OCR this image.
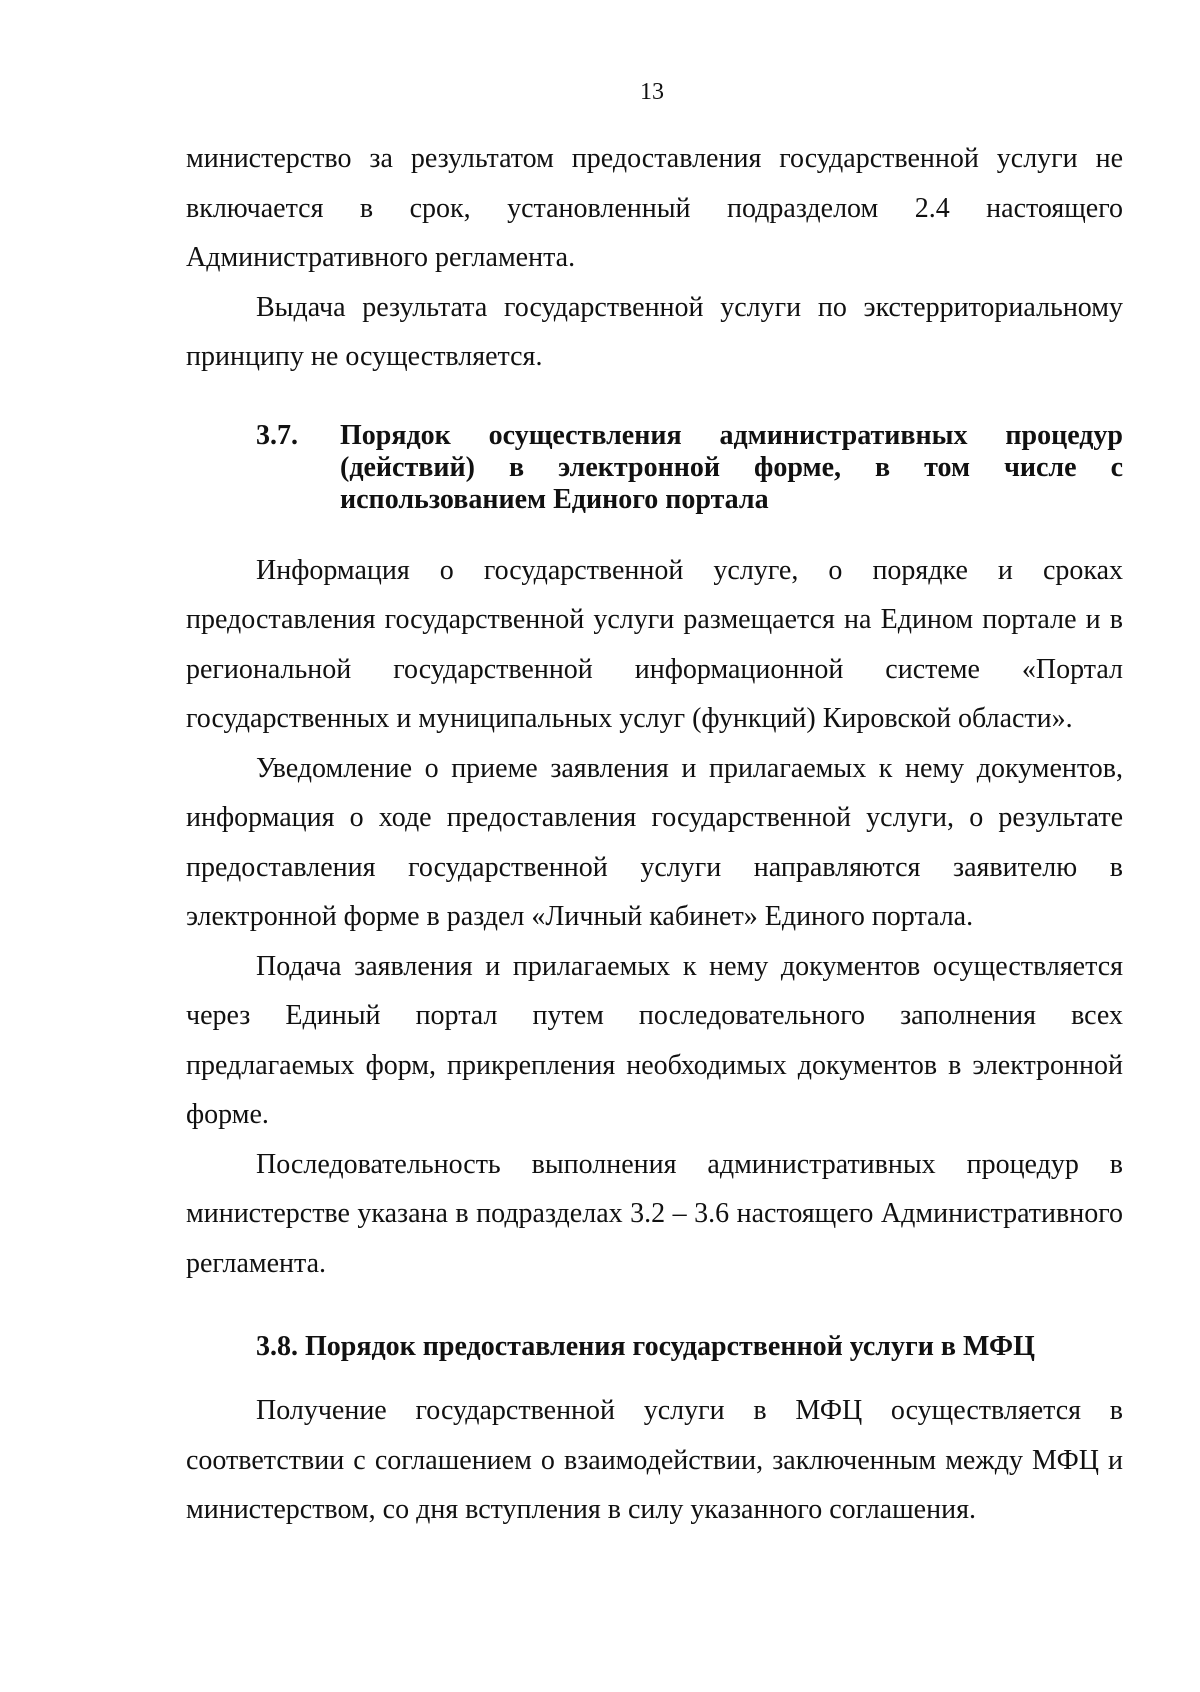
13

министерство за результатом предоставления государственной услуги не включается в срок, установленный подразделом 2.4 настоящего Административного регламента.

Выдача результата государственной услуги по экстерриториальному принципу не осуществляется.

3.7.	Порядок осуществления административных процедур (действий) в электронной форме, в том числе с использованием Единого портала

Информация о государственной услуге, о порядке и сроках предоставления государственной услуги размещается на Едином портале и в региональной государственной информационной системе «Портал государственных и муниципальных услуг (функций) Кировской области».

Уведомление о приеме заявления и прилагаемых к нему документов, информация о ходе предоставления государственной услуги, о результате предоставления государственной услуги направляются заявителю в электронной форме в раздел «Личный кабинет» Единого портала.

Подача заявления и прилагаемых к нему документов осуществляется через Единый портал путем последовательного заполнения всех предлагаемых форм, прикрепления необходимых документов в электронной форме.

Последовательность выполнения административных процедур в министерстве указана в подразделах 3.2 – 3.6 настоящего Административного регламента.

3.8. Порядок предоставления государственной услуги в МФЦ

Получение государственной услуги в МФЦ осуществляется в соответствии с соглашением о взаимодействии, заключенным между МФЦ и министерством, со дня вступления в силу указанного соглашения.
